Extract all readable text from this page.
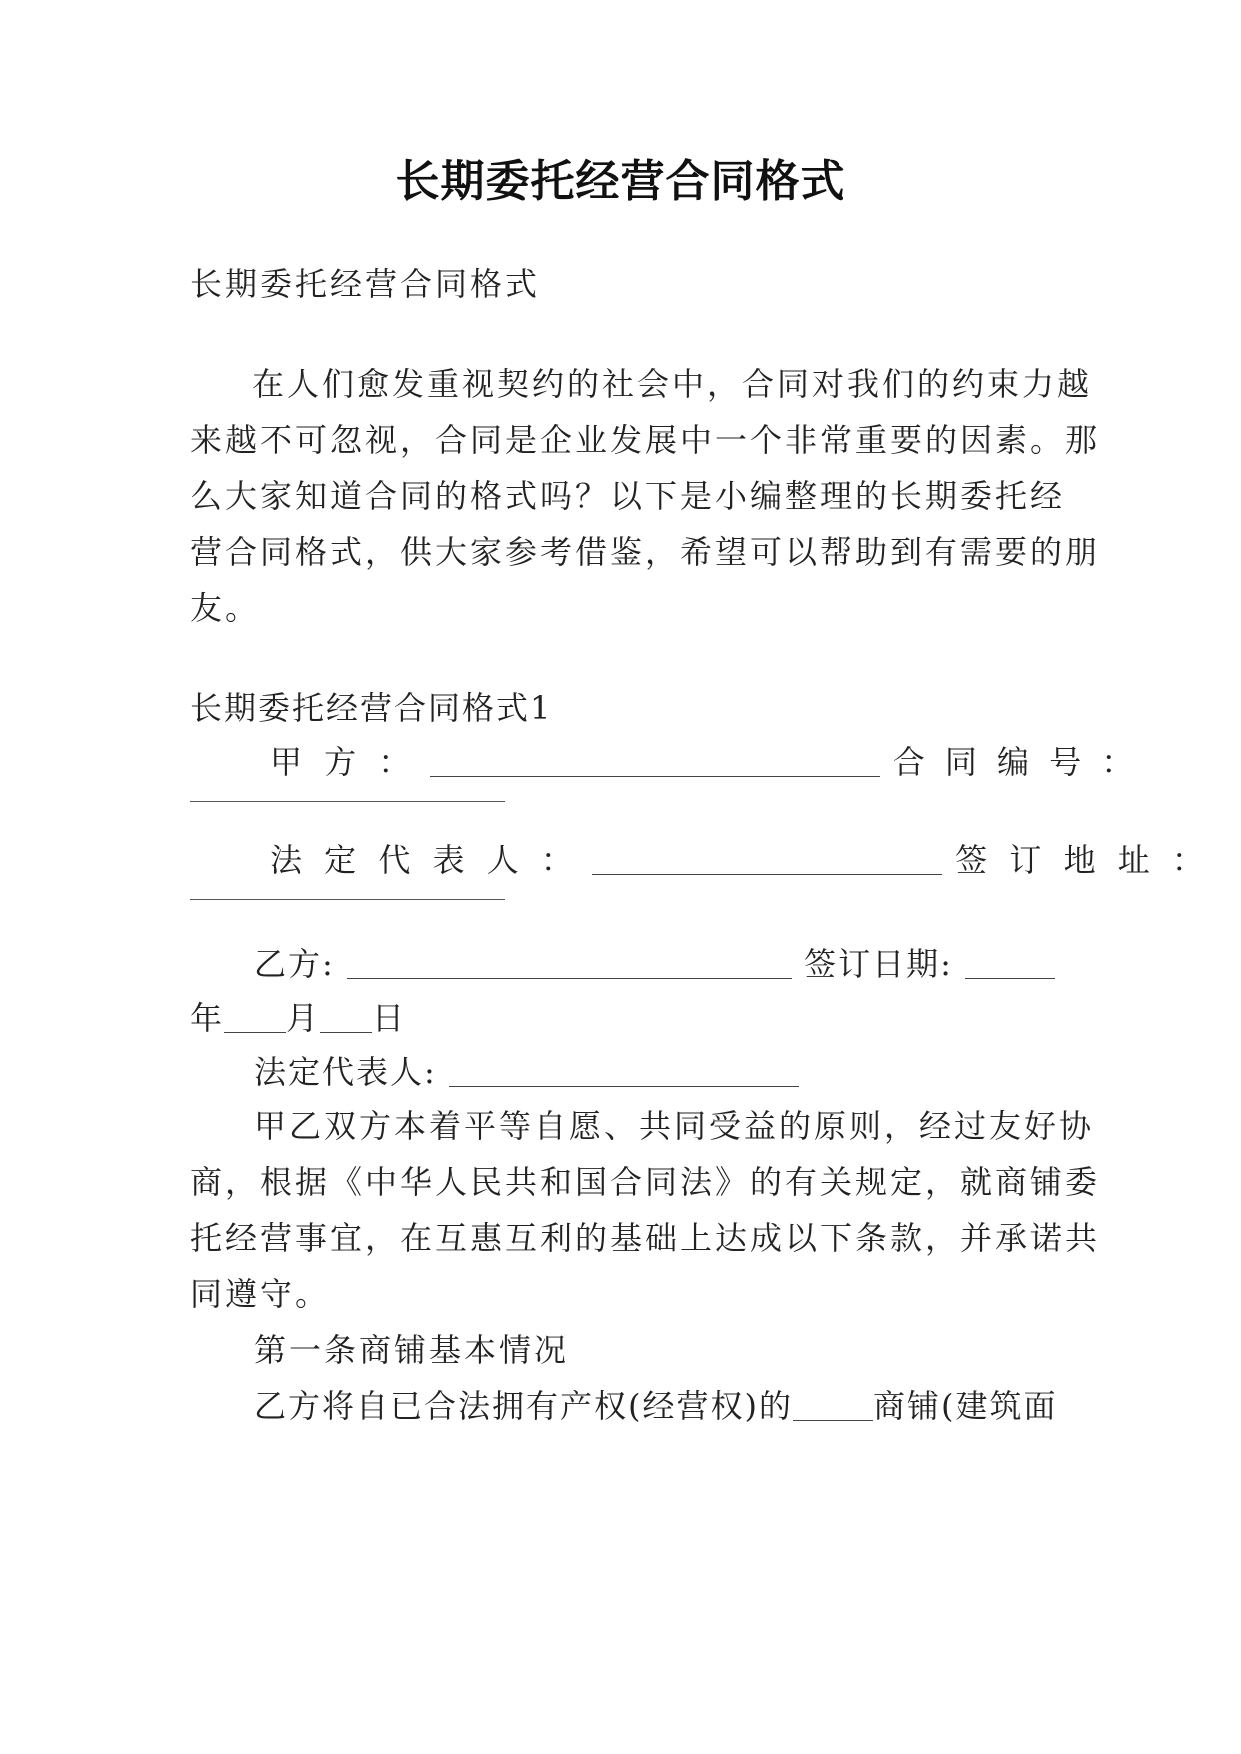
长期委托经营合同格式
长期委托经营合同格式
在人们愈发重视契约的社会中，合同对我们的约束力越
来越不可忽视，合同是企业发展中一个非常重要的因素。那
么大家知道合同的格式吗？以下是小编整理的长期委托经
营合同格式，供大家参考借鉴，希望可以帮助到有需要的朋
友。
长期委托经营合同格式1
甲 方 ：	合 同 编 号 ：
法 定 代 表 人 ：	签 订 地 址 ：
乙方:	签订日期:
年 月 日
法定代表人:
甲乙双方本着平等自愿、共同受益的原则，经过友好协
商，根据《中华人民共和国合同法》的有关规定，就商铺委
托经营事宜，在互惠互利的基础上达成以下条款，并承诺共
同遵守。
第一条商铺基本情况
乙方将自已合法拥有产权(经营权)的	商铺(建筑面
